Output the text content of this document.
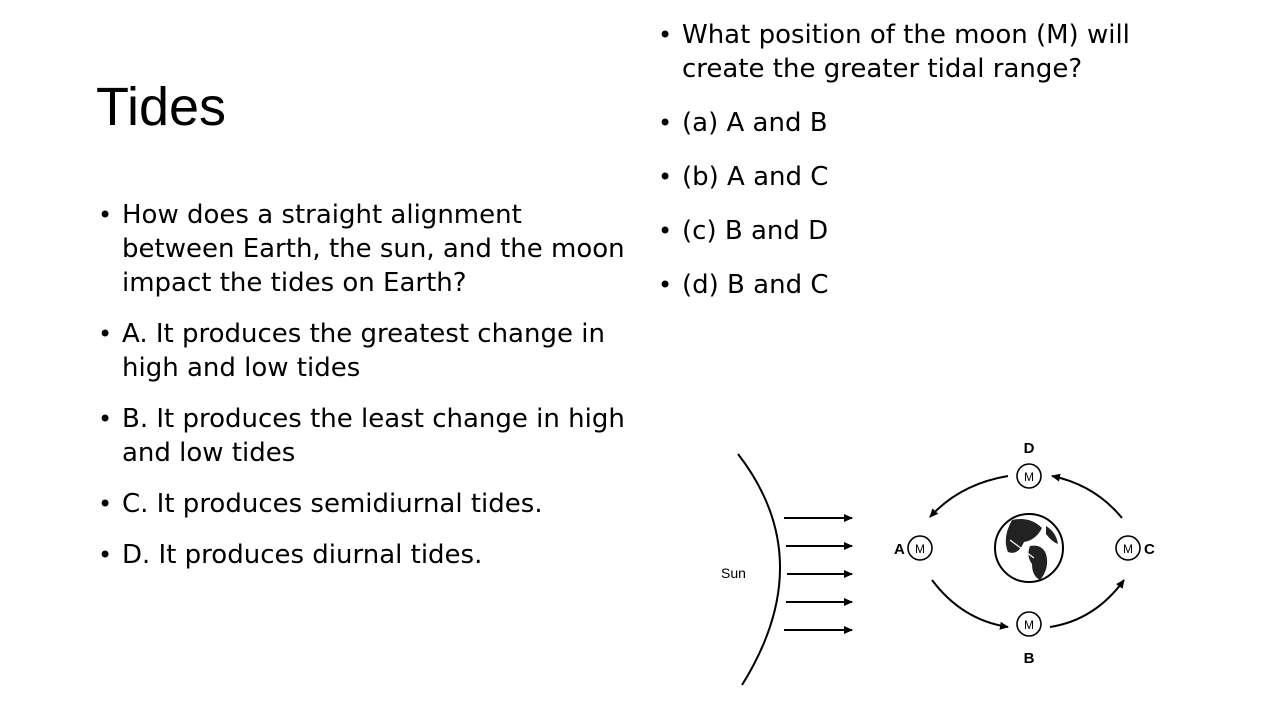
Tides
• How does a straight alignment between Earth, the sun, and the moon impact the tides on Earth?
• A. It produces the greatest change in high and low tides
• B. It produces the least change in high and low tides
• C. It produces semidiurnal tides.
• D. It produces diurnal tides.
• What position of the moon (M) will create the greater tidal range?
• (a) A and B
• (b) A and C
• (c) B and D
• (d) B and C
Sun
D
M
A M	M C
M
B
